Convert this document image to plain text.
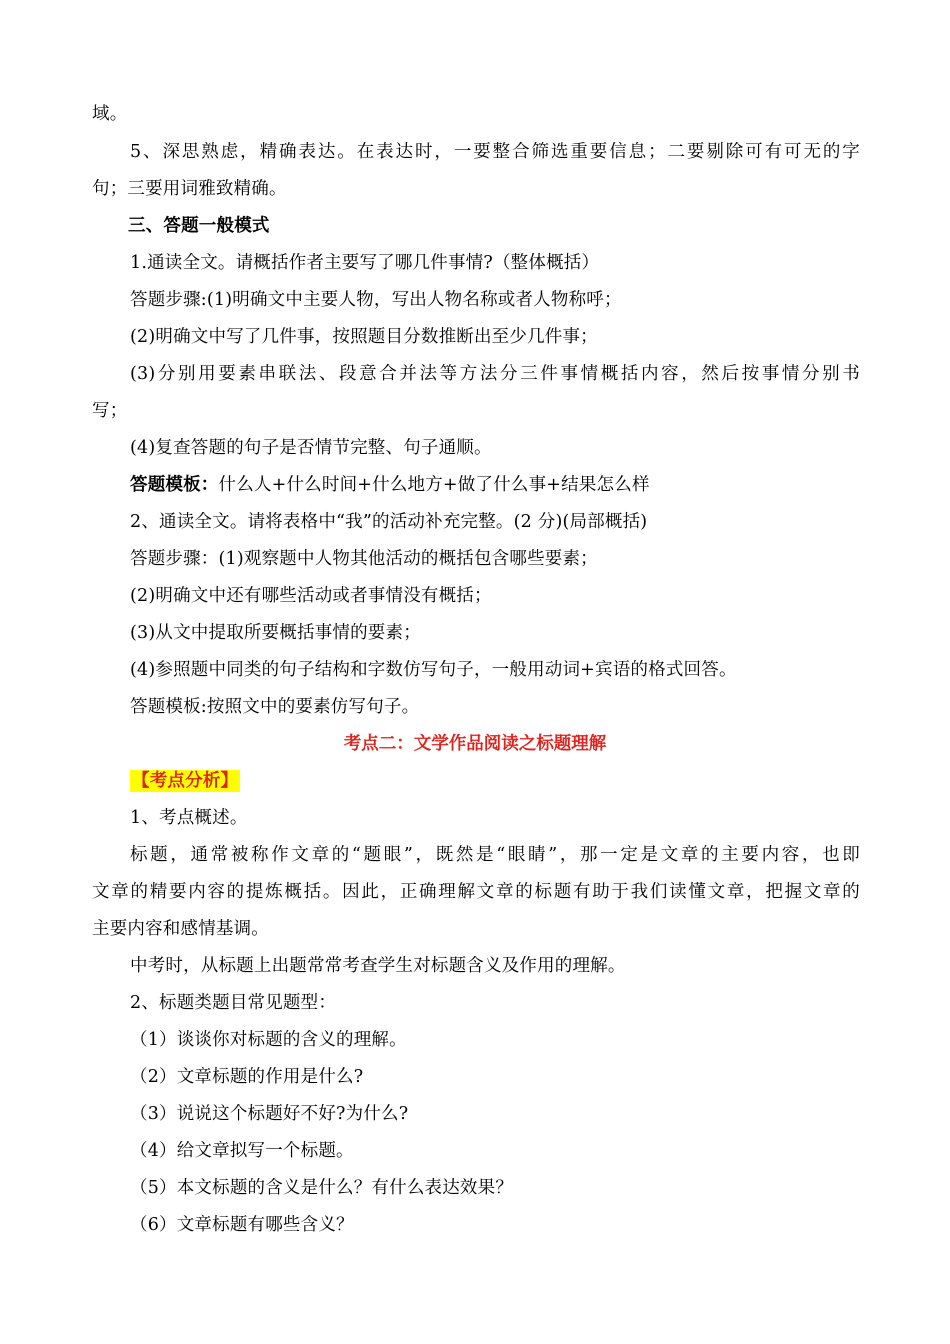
域。
5、深思熟虑，精确表达。在表达时，一要整合筛选重要信息；二要剔除可有可无的字
句；三要用词雅致精确。
三、答题一般模式
1.通读全文。请概括作者主要写了哪几件事情?（整体概括）
答题步骤:(1)明确文中主要人物，写出人物名称或者人物称呼；
(2)明确文中写了几件事，按照题目分数推断出至少几件事；
(3)分别用要素串联法、段意合并法等方法分三件事情概括内容，然后按事情分别书
写；
(4)复查答题的句子是否情节完整、句子通顺。
答题模板：什么人+什么时间+什么地方+做了什么事+结果怎么样
2、通读全文。请将表格中“我”的活动补充完整。(2 分)(局部概括)
答题步骤：(1)观察题中人物其他活动的概括包含哪些要素；
(2)明确文中还有哪些活动或者事情没有概括；
(3)从文中提取所要概括事情的要素；
(4)参照题中同类的句子结构和字数仿写句子，一般用动词+宾语的格式回答。
答题模板:按照文中的要素仿写句子。
考点二：文学作品阅读之标题理解
【考点分析】
1、考点概述。
标题，通常被称作文章的“题眼”，既然是“眼睛”，那一定是文章的主要内容，也即
文章的精要内容的提炼概括。因此，正确理解文章的标题有助于我们读懂文章，把握文章的
主要内容和感情基调。
中考时，从标题上出题常常考查学生对标题含义及作用的理解。
2、标题类题目常见题型：
（1）谈谈你对标题的含义的理解。
（2）文章标题的作用是什么?
（3）说说这个标题好不好?为什么?
（4）给文章拟写一个标题。
（5）本文标题的含义是什么？有什么表达效果？
（6）文章标题有哪些含义？
